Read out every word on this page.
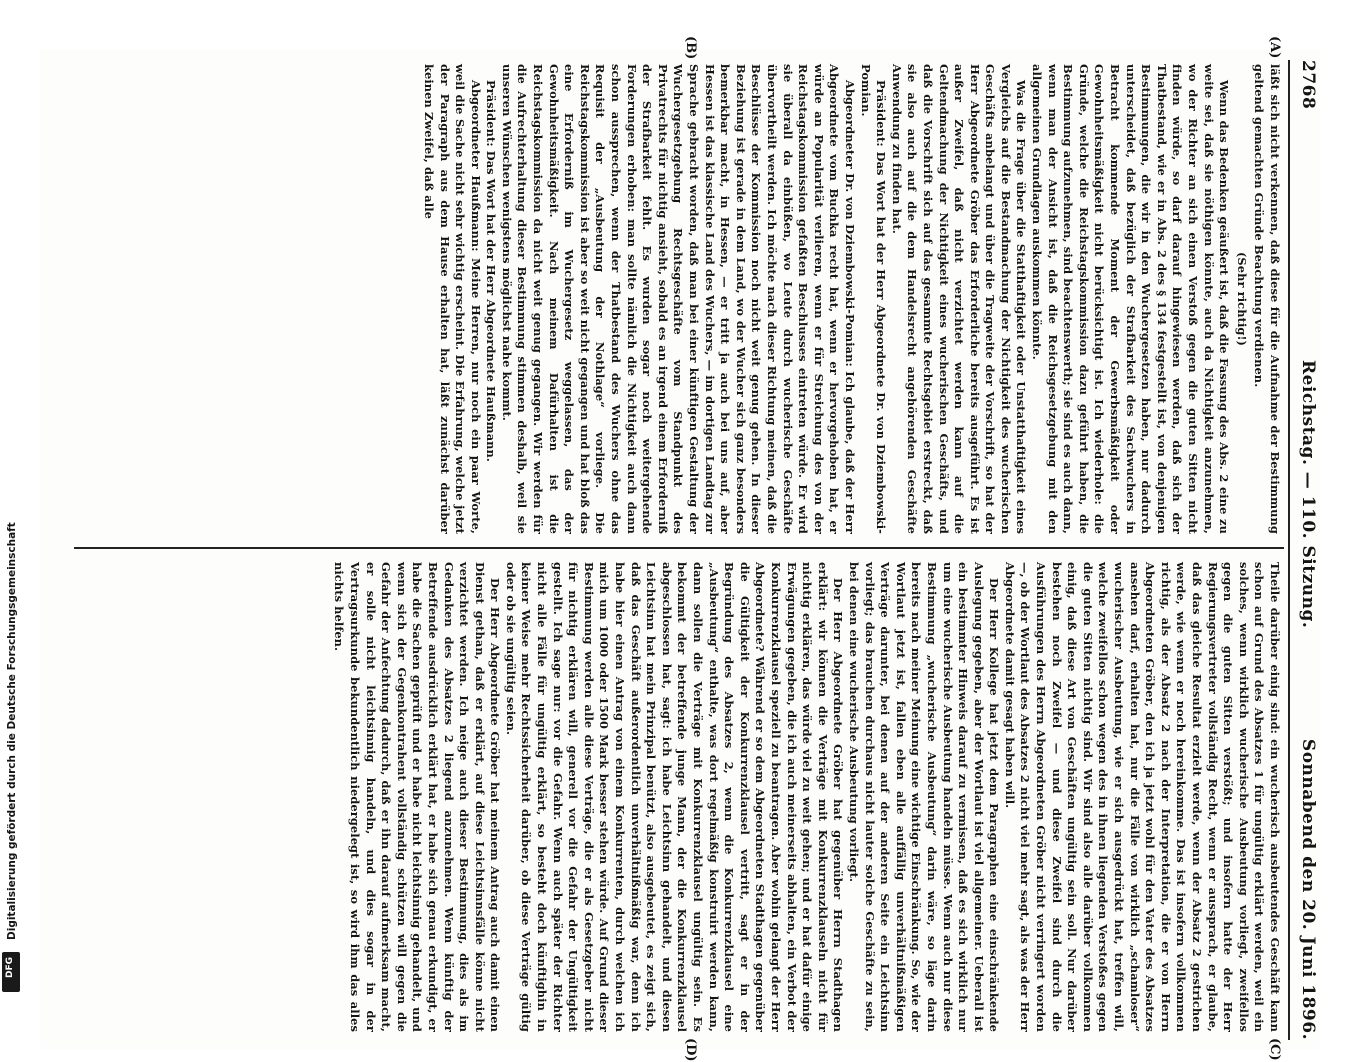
2768
Reichstag. — 110. Sitzung.
Sonnabend den 20. Juni 1896.
(A)
(B)
(C)
(D)

läßt sich nicht verkennen, daß diese für die Aufnahme der Bestimmung geltend gemachten Gründe Beachtung verdienen.

(Sehr richtig!)

Wenn das Bedenken geäußert ist, daß die Fassung des Abs. 2 eine zu weite sei, daß sie nöthigen könnte, auch da Nichtigkeit anzunehmen, wo der Richter an sich einen Verstoß gegen die guten Sitten nicht finden würde, so darf darauf hingewiesen werden, daß sich der Thatbestand, wie er in Abs. 2 des § 134 festgestellt ist, von denjenigen Bestimmungen, die wir in den Wuchergesetzen haben, nur dadurch unterscheidet, daß bezüglich der Strafbarkeit des Sachwuchers in Betracht kommende Moment der Gewerbsmäßigkeit oder Gewohnheitsmäßigkeit nicht berücksichtigt ist. Ich wiederhole: die Gründe, welche die Reichstagskommission dazu geführt haben, die Bestimmung aufzunehmen, sind beachtenswerth; sie sind es auch dann, wenn man der Ansicht ist, daß die Reichsgesetzgebung mit den allgemeinen Grundlagen auskommen könnte.

Was die Frage über die Statthaftigkeit oder Unstatthaftigkeit eines Vergleichs auf die Bestandmachung der Nichtigkeit des wucherischen Geschäfts anbelangt und über die Tragweite der Vorschrift, so hat der Herr Abgeordnete Gröber das Erforderliche bereits ausgeführt. Es ist außer Zweifel, daß nicht verzichtet werden kann auf die Geltendmachung der Nichtigkeit eines wucherischen Geschäfts, und daß die Vorschrift sich auf das gesammte Rechtsgebiet erstreckt, daß sie also auch auf die dem Handelsrecht angehörenden Geschäfte Anwendung zu finden hat.

Präsident: Das Wort hat der Herr Abgeordnete Dr. von Dziembowski-Pomian.

Abgeordneter Dr. von Dziembowski-Pomian: Ich glaube, daß der Herr Abgeordnete vom Buchka recht hat, wenn er hervorgehoben hat, er würde an Popularität verlieren, wenn er für Streichung des von der Reichstagskommission gefaßten Beschlusses eintreten würde. Er wird sie überall da einbüßen, wo Leute durch wucherische Geschäfte übervortheilt werden. Ich möchte nach dieser Richtung meinen, daß die Beschlüsse der Kommission noch nicht weit genug gehen. In dieser Beziehung ist gerade in dem Land, wo der Wucher sich ganz besonders bemerkbar macht, in Hessen, — er tritt ja auch bei uns auf, aber Hessen ist das klassische Land des Wuchers, — im dortigen Landtag zur Sprache gebracht worden, daß man bei einer künftigen Gestaltung der Wuchergesetzgebung Rechtsgeschäfte vom Standpunkt des Privatrechts für nichtig ansieht, sobald es an irgend einem Erforderniß der Strafbarkeit fehlt. Es wurden sogar noch weitergehende Forderungen erhoben: man sollte nämlich die Nichtigkeit auch dann schon aussprechen, wenn der Thatbestand des Wuchers ohne das Requisit der „Ausbeutung der Nothlage“ vorliege. Die Reichstagskommission ist aber so weit nicht gegangen und hat bloß das eine Erforderniß im Wuchergesetz weggelassen, das der Gewohnheitsmäßigkeit. Nach meinem Dafürhalten ist die Reichstagskommission da nicht weit genug gegangen. Wir werden für die Aufrechterhaltung dieser Bestimmung stimmen deshalb, weil sie unseren Wünschen wenigstens möglichst nahe kommt.

Präsident: Das Wort hat der Herr Abgeordnete Haußmann.

Abgeordneter Haußmann: Meine Herren, nur noch ein paar Worte, weil die Sache nicht sehr wichtig erscheint. Die Erfahrung, welche jetzt der Paragraph aus dem Hause erhalten hat, läßt zunächst darüber keinen Zweifel, daß alle

Theile darüber einig sind: ein wucherisch ausbeutendes Geschäft kann schon auf Grund des Absatzes 1 für ungültig erklärt werden, weil ein solches, wenn wirklich wucherische Ausbeutung vorliegt, zweifellos gegen die guten Sitten verstößt; und insofern hatte der Herr Regierungsvertreter vollständig Recht, wenn er aussprach, er glaube, daß das gleiche Resultat erzielt werde, wenn der Absatz 2 gestrichen werde, wie wenn er noch hereinkomme. Das ist insofern vollkommen richtig, als der Absatz 2 nach der Interpretation, die er von Herrn Abgeordneten Gröber, den ich ja jetzt wohl für den Vater des Absatzes ansehen darf, erhalten hat, nur die Fälle von wirklich „schamloser“ wucherischer Ausbeutung, wie er sich ausgedrückt hat, treffen will, welche zweifellos schon wegen des in ihnen liegenden Verstoßes gegen die guten Sitten nichtig sind. Wir sind also alle darüber vollkommen einig, daß diese Art von Geschäften ungültig sein soll. Nur darüber bestehen noch Zweifel — und diese Zweifel sind durch die Ausführungen des Herrn Abgeordneten Gröber nicht verringert worden —, ob der Wortlaut des Absatzes 2 nicht viel mehr sagt, als was der Herr Abgeordnete damit gesagt haben will.

Der Herr Kollege hat jetzt dem Paragraphen eine einschränkende Auslegung gegeben, aber der Wortlaut ist viel allgemeiner. Ueberall ist ein bestimmter Hinweis darauf zu vermissen, daß es sich wirklich nur um eine wucherische Ausbeutung handeln müsse. Wenn auch nur diese Bestimmung „wucherische Ausbeutung“ darin wäre, so läge darin bereits nach meiner Meinung eine wichtige Einschränkung. So, wie der Wortlaut jetzt ist, fallen eben alle auffällig unverhältnißmäßigen Verträge darunter, bei denen auf der anderen Seite ein Leichtsinn vorliegt; das brauchen durchaus nicht lauter solche Geschäfte zu sein, bei denen eine wucherische Ausbeutung vorliegt.

Der Herr Abgeordnete Gröber hat gegenüber Herrn Stadthagen erklärt: wir können die Verträge mit Konkurrenzklauseln nicht für nichtig erklären, das würde viel zu weit gehen; und er hat dafür einige Erwägungen gegeben, die ich auch meinerseits abhalten, ein Verbot der Konkurrenzklausel speziell zu beantragen. Aber wohin gelangt der Herr Abgeordnete? Während er so dem Abgeordneten Stadthagen gegenüber die Gültigkeit der Konkurrenzklausel vertritt, sagt er in der Begründung des Absatzes 2, wenn die Konkurrenzklausel eine „Ausbeutung“ enthalte, was dort regelmäßig konstruirt werden kann, dann sollen die Verträge mit Konkurrenzklausel ungültig sein. Es bekommt der betreffende junge Mann, der die Konkurrenzklausel abgeschlossen hat, sagt: ich habe Leichtsinn gehandelt, und diesen Leichtsinn hat mein Prinzipal benützt, also ausgebeutet, es zeigt sich, daß das Geschäft außerordentlich unverhältnißmäßig war, denn ich habe hier einen Antrag von einem Konkurrenten, durch welchen ich mich um 1000 oder 1500 Mark besser stehen würde. Auf Grund dieser Bestimmung werden alle diese Verträge, die er als Gesetzgeber nicht für nichtig erklären will, generell vor die Gefahr der Ungültigkeit gestellt. Ich sage nur: vor die Gefahr. Wenn auch später der Richter nicht alle Fälle für ungültig erklärt, so besteht doch künftighin in keiner Weise mehr Rechtssicherheit darüber, ob diese Verträge gültig oder ob sie ungültig seien.

Der Herr Abgeordnete Gröber hat meinem Antrag auch damit einen Dienst gethan, daß er erklärt, auf diese Leichtsinnsfälle könne nicht verzichtet werden. Ich neige auch dieser Bestimmung, dies als im Gedanken des Absatzes 2 liegend anzunehmen. Wenn künftig der Betreffende ausdrücklich erklärt hat, er habe sich genau erkundigt, er habe die Sachen geprüft und er habe nicht leichtsinnig gehandelt, und wenn sich der Gegenkontrahent vollständig schützen will gegen die Gefahr der Anfechtung dadurch, daß er ihn darauf aufmerksam macht, er solle nicht leichtsinnig handeln, und dies sogar in der Vertragsurkunde bekundentlich niedergelegt ist, so wird ihm das alles nichts helfen.

Digitalisierung gefördert durch die Deutsche Forschungsgemeinschaft
DFG
